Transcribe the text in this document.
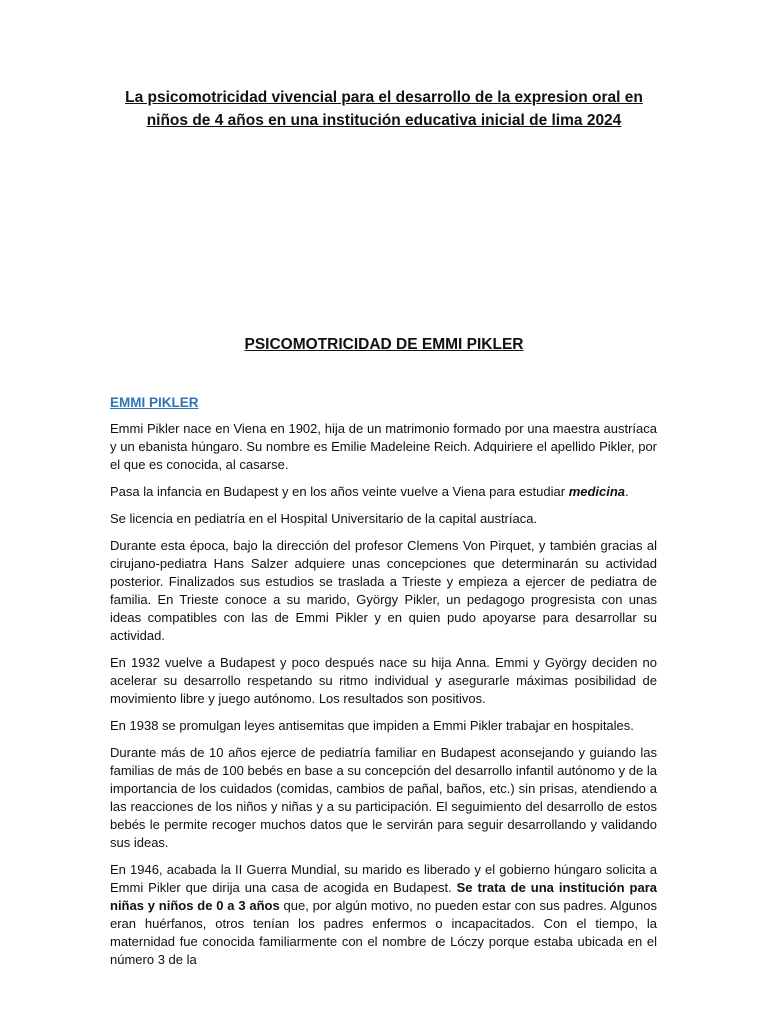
La psicomotricidad vivencial para el desarrollo de la expresion oral en niños de 4 años en una institución educativa inicial de lima 2024
PSICOMOTRICIDAD DE EMMI PIKLER
EMMI PIKLER

Emmi Pikler nace en Viena en 1902, hija de un matrimonio formado por una maestra austríaca y un ebanista húngaro. Su nombre es Emilie Madeleine Reich. Adquiriere el apellido Pikler, por el que es conocida, al casarse.

Pasa la infancia en Budapest y en los años veinte vuelve a Viena para estudiar medicina.

Se licencia en pediatría en el Hospital Universitario de la capital austríaca.

Durante esta época, bajo la dirección del profesor Clemens Von Pirquet, y también gracias al cirujano-pediatra Hans Salzer adquiere unas concepciones que determinarán su actividad posterior. Finalizados sus estudios se traslada a Trieste y empieza a ejercer de pediatra de familia. En Trieste conoce a su marido, György Pikler, un pedagogo progresista con unas ideas compatibles con las de Emmi Pikler y en quien pudo apoyarse para desarrollar su actividad.

En 1932 vuelve a Budapest y poco después nace su hija Anna. Emmi y György deciden no acelerar su desarrollo respetando su ritmo individual y asegurarle máximas posibilidad de movimiento libre y juego autónomo. Los resultados son positivos.

En 1938 se promulgan leyes antisemitas que impiden a Emmi Pikler trabajar en hospitales.

Durante más de 10 años ejerce de pediatría familiar en Budapest aconsejando y guiando las familias de más de 100 bebés en base a su concepción del desarrollo infantil autónomo y de la importancia de los cuidados (comidas, cambios de pañal, baños, etc.) sin prisas, atendiendo a las reacciones de los niños y niñas y a su participación. El seguimiento del desarrollo de estos bebés le permite recoger muchos datos que le servirán para seguir desarrollando y validando sus ideas.

En 1946, acabada la II Guerra Mundial, su marido es liberado y el gobierno húngaro solicita a Emmi Pikler que dirija una casa de acogida en Budapest. Se trata de una institución para niñas y niños de 0 a 3 años que, por algún motivo, no pueden estar con sus padres. Algunos eran huérfanos, otros tenían los padres enfermos o incapacitados. Con el tiempo, la maternidad fue conocida familiarmente con el nombre de Lóczy porque estaba ubicada en el número 3 de la
